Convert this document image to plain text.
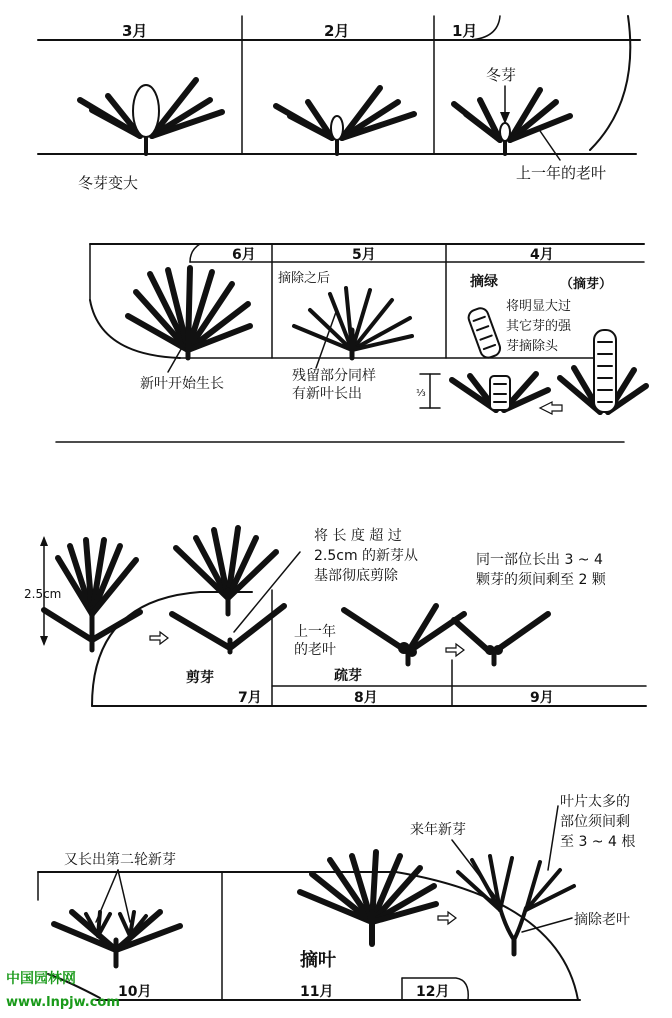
3月	2月	1月
冬芽变大
冬芽
上一年的老叶
6月	5月	4月
新叶开始生长
摘除之后
残留部分同样
有新叶长出
摘绿	（摘芽）
将明显大过
其它芽的强
芽摘除头
⅓
7月	8月	9月
2.5cm
将 长 度 超 过
2.5cm 的新芽从
基部彻底剪除
上一年
的老叶
同一部位长出 3 ~ 4
颗芽的须间剩至 2 颗
剪芽	疏芽
10月	11月	12月
又长出第二轮新芽
摘叶
来年新芽
叶片太多的
部位须间剩
至 3 ~ 4 根
摘除老叶
中国园林网
www.lnpjw.com
